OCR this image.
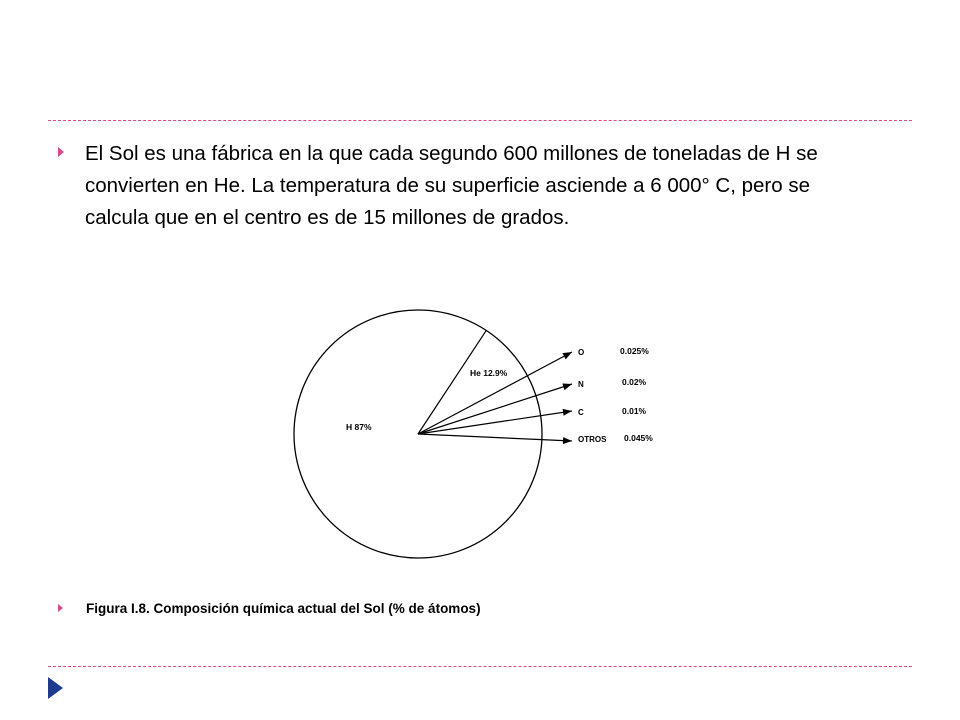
El Sol es una fábrica en la que cada segundo 600 millones de toneladas de H se convierten en He. La temperatura de su superficie asciende a 6 000° C, pero se calcula que en el centro es de 15 millones de grados.

H 87%
He 12.9%
O	0.025%
N	0.02%
C	0.01%
OTROS 0.045%

Figura I.8. Composición química actual del Sol (% de átomos)
